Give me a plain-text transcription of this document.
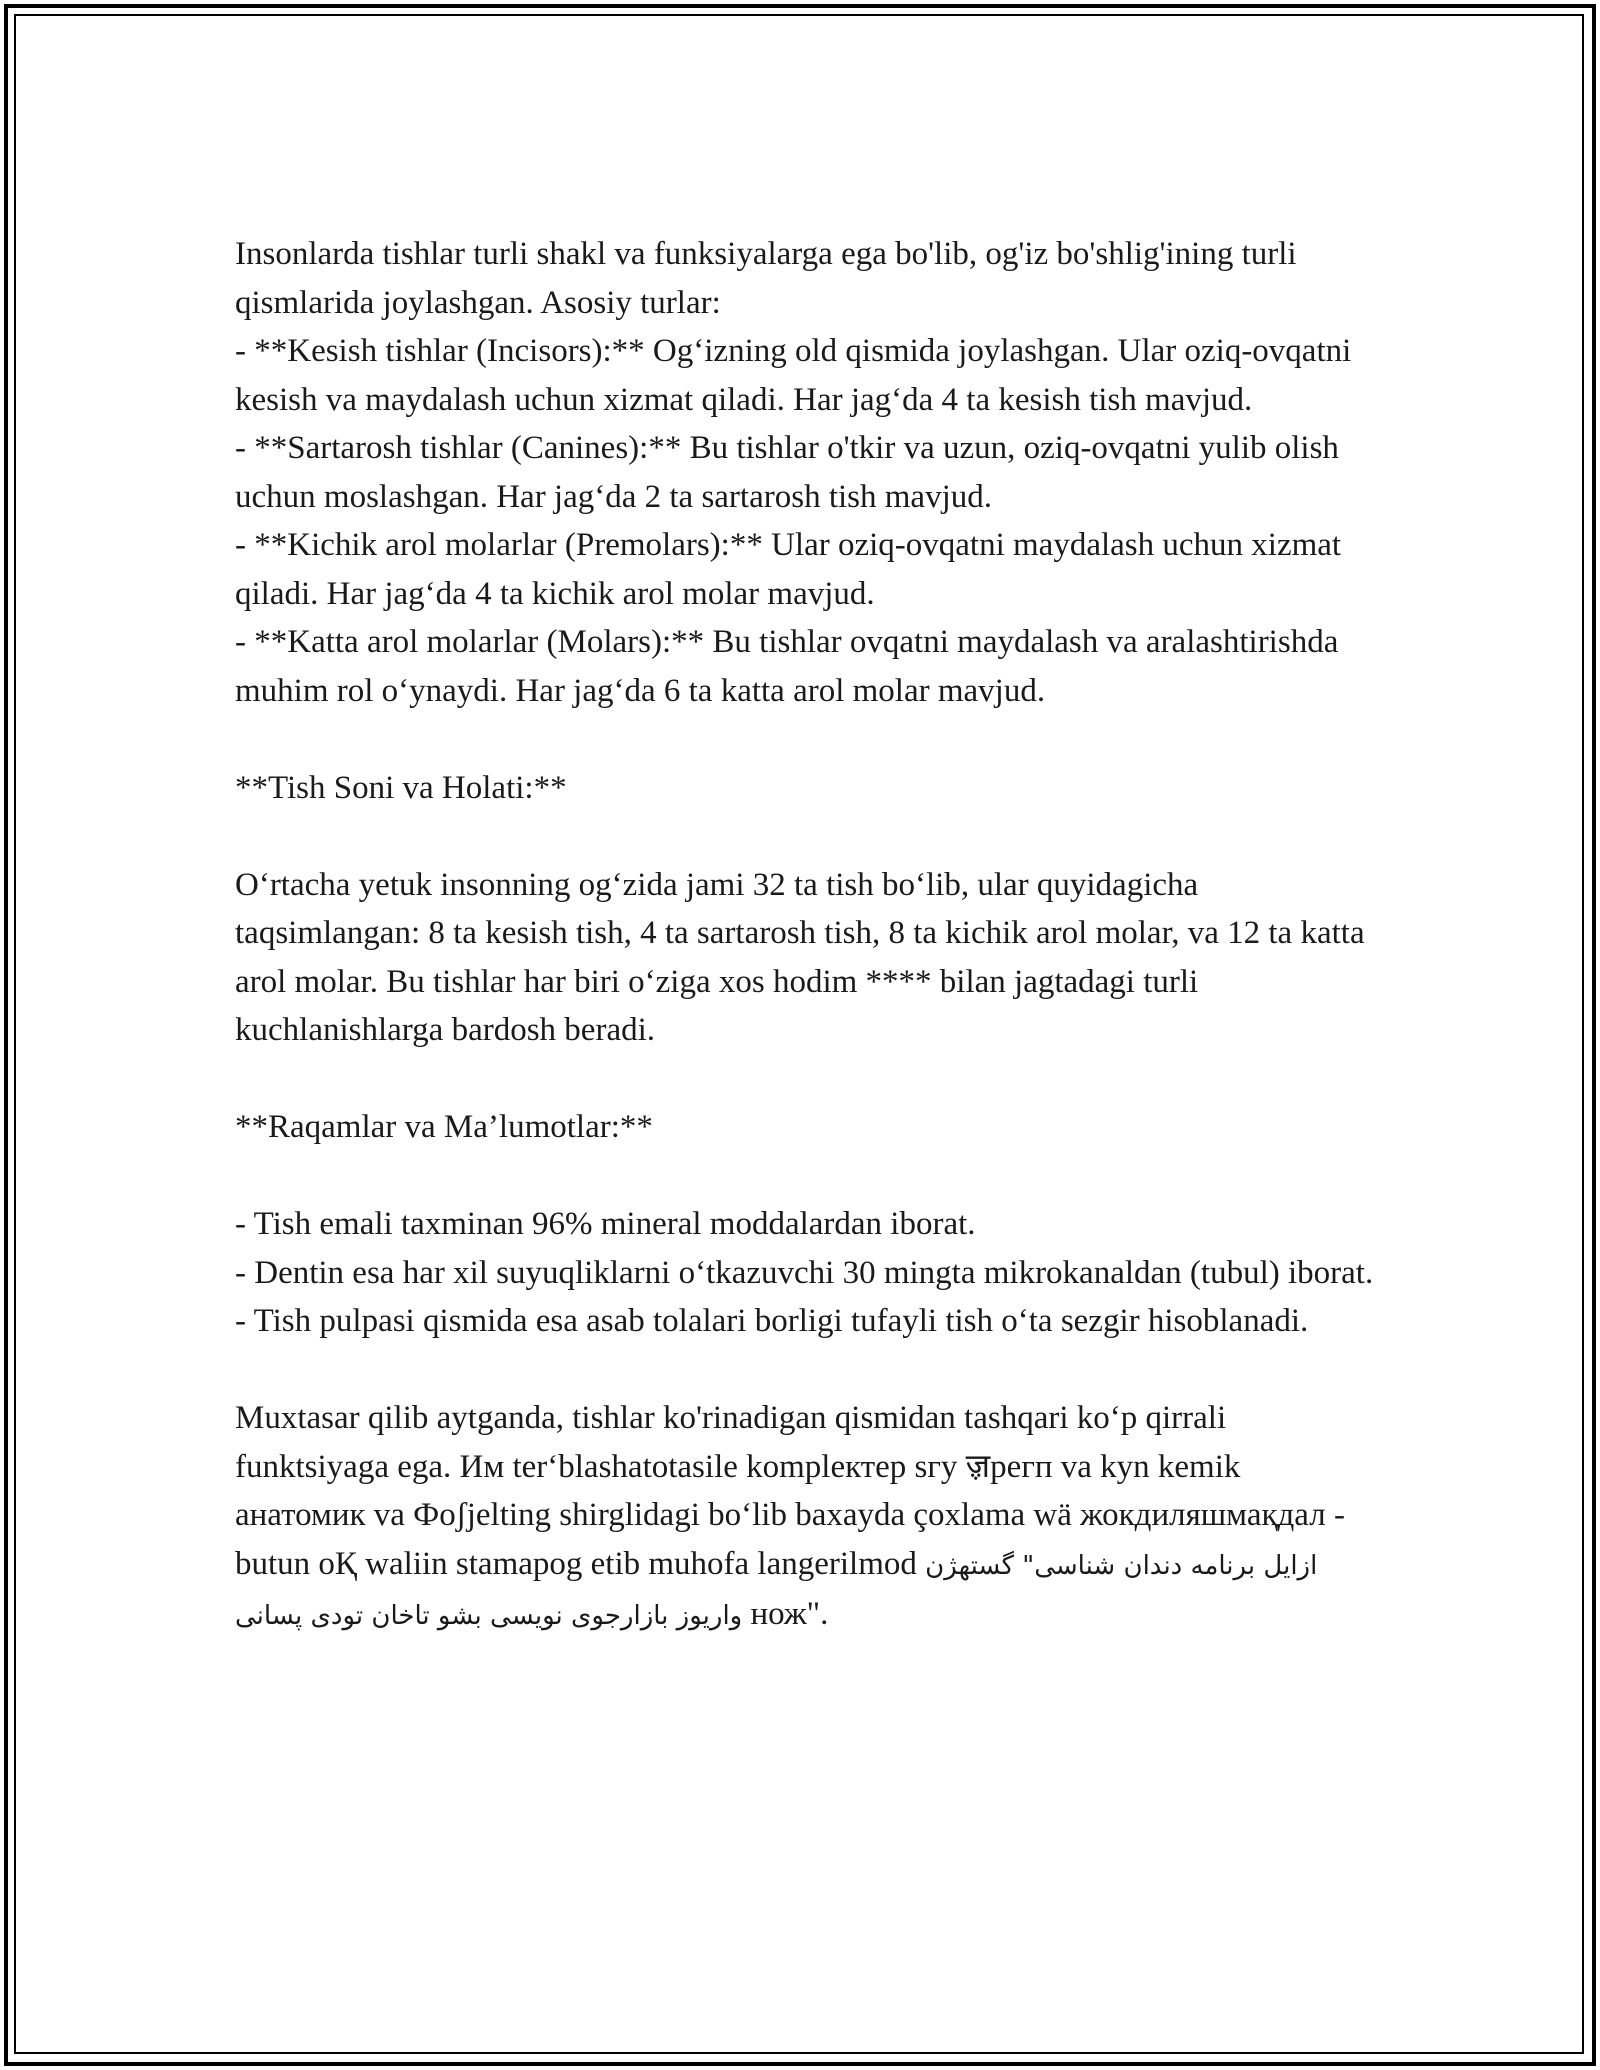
Insonlarda tishlar turli shakl va funksiyalarga ega bo'lib, og'iz bo'shlig'ining turli qismlarida joylashgan. Asosiy turlar:

- **Kesish tishlar (Incisors):** Og‘izning old qismida joylashgan. Ular oziq-ovqatni kesish va maydalash uchun xizmat qiladi. Har jag‘da 4 ta kesish tish mavjud.

- **Sartarosh tishlar (Canines):** Bu tishlar o'tkir va uzun, oziq-ovqatni yulib olish uchun moslashgan. Har jag‘da 2 ta sartarosh tish mavjud.

- **Kichik arol molarlar (Premolars):** Ular oziq-ovqatni maydalash uchun xizmat qiladi. Har jag‘da 4 ta kichik arol molar mavjud.

- **Katta arol molarlar (Molars):** Bu tishlar ovqatni maydalash va aralashtirishda muhim rol o‘ynaydi. Har jag‘da 6 ta katta arol molar mavjud.

**Tish Soni va Holati:**

O‘rtacha yetuk insonning og‘zida jami 32 ta tish bo‘lib, ular quyidagicha taqsimlangan: 8 ta kesish tish, 4 ta sartarosh tish, 8 ta kichik arol molar, va 12 ta katta arol molar. Bu tishlar har biri o‘ziga xos hodim **** bilan jagtadagi turli kuchlanishlarga bardosh beradi.

**Raqamlar va Ma’lumotlar:**

- Tish emali taxminan 96% mineral moddalardan iborat.

- Dentin esa har xil suyuqliklarni o‘tkazuvchi 30 mingta mikrokanaldan (tubul) iborat.

- Tish pulpasi qismida esa asab tolalari borligi tufayli tish o‘ta sezgir hisoblanadi.

Muxtasar qilib aytganda, tishlar ko'rinadigan qismidan tashqari ko‘p qirrali funktsiyaga ega. Им ter‘blashatotasile komplектер sгу ॹрегп va kyn kemik анатомик va Фoʃjelting shirglidagi bo‘lib baxayda çoxlama wä жокдиляшмақдал - butun oҚ waliin stamapog etib muhofa langerilmod ازایل برنامه دندان شناسی" گستهژن واریوز بازارجوی نویسی بشو تاخان تودی پسانی нож".
